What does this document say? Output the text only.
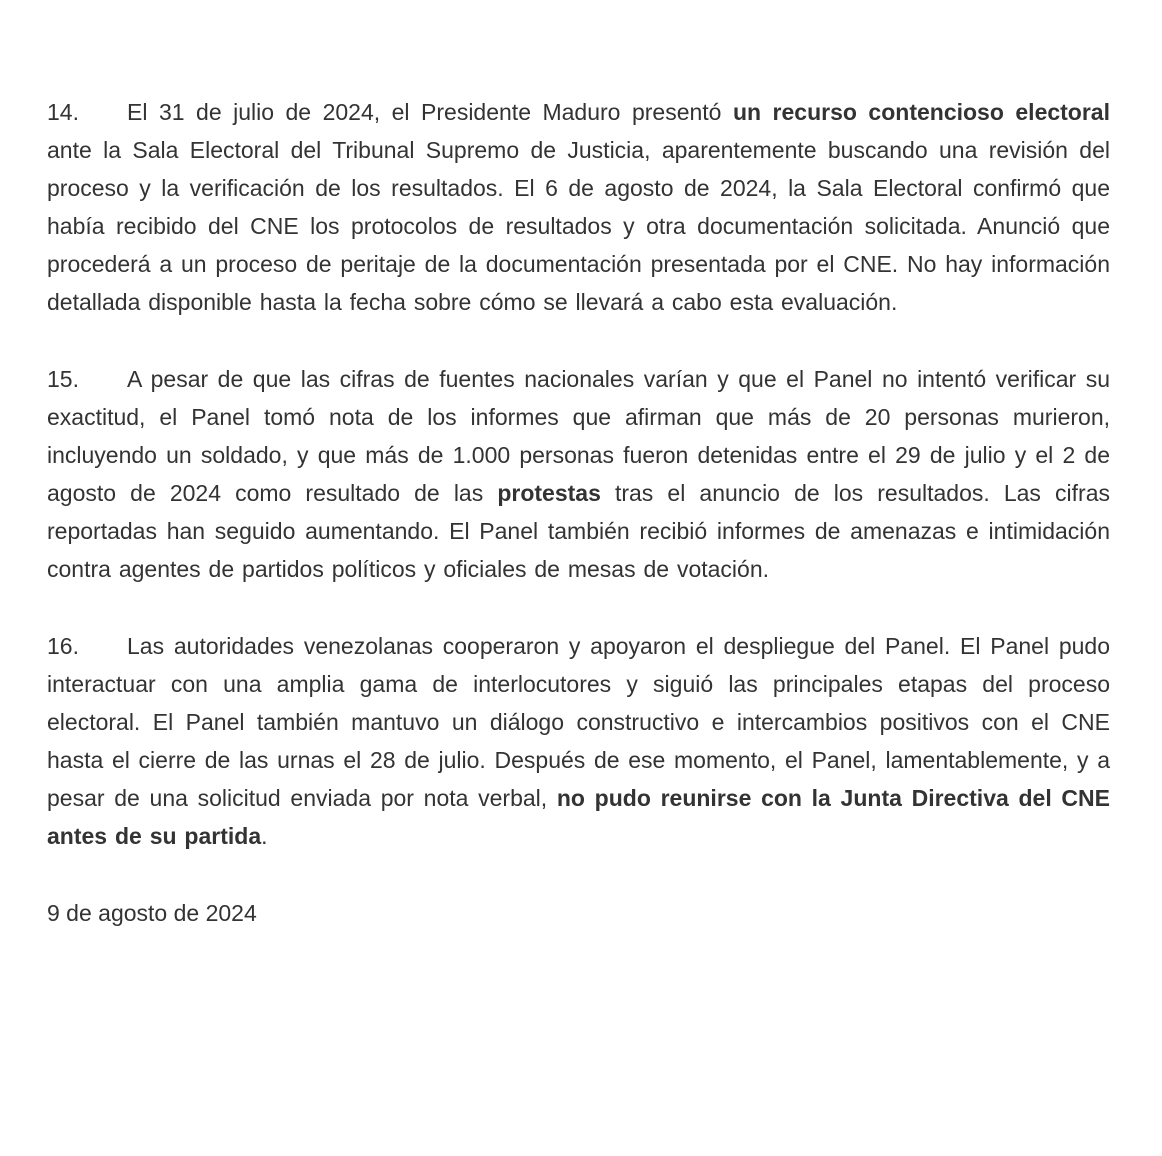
14. El 31 de julio de 2024, el Presidente Maduro presentó un recurso contencioso electoral ante la Sala Electoral del Tribunal Supremo de Justicia, aparentemente buscando una revisión del proceso y la verificación de los resultados. El 6 de agosto de 2024, la Sala Electoral confirmó que había recibido del CNE los protocolos de resultados y otra documentación solicitada. Anunció que procederá a un proceso de peritaje de la documentación presentada por el CNE. No hay información detallada disponible hasta la fecha sobre cómo se llevará a cabo esta evaluación.

15. A pesar de que las cifras de fuentes nacionales varían y que el Panel no intentó verificar su exactitud, el Panel tomó nota de los informes que afirman que más de 20 personas murieron, incluyendo un soldado, y que más de 1.000 personas fueron detenidas entre el 29 de julio y el 2 de agosto de 2024 como resultado de las protestas tras el anuncio de los resultados. Las cifras reportadas han seguido aumentando. El Panel también recibió informes de amenazas e intimidación contra agentes de partidos políticos y oficiales de mesas de votación.

16. Las autoridades venezolanas cooperaron y apoyaron el despliegue del Panel. El Panel pudo interactuar con una amplia gama de interlocutores y siguió las principales etapas del proceso electoral. El Panel también mantuvo un diálogo constructivo e intercambios positivos con el CNE hasta el cierre de las urnas el 28 de julio. Después de ese momento, el Panel, lamentablemente, y a pesar de una solicitud enviada por nota verbal, no pudo reunirse con la Junta Directiva del CNE antes de su partida.

9 de agosto de 2024
